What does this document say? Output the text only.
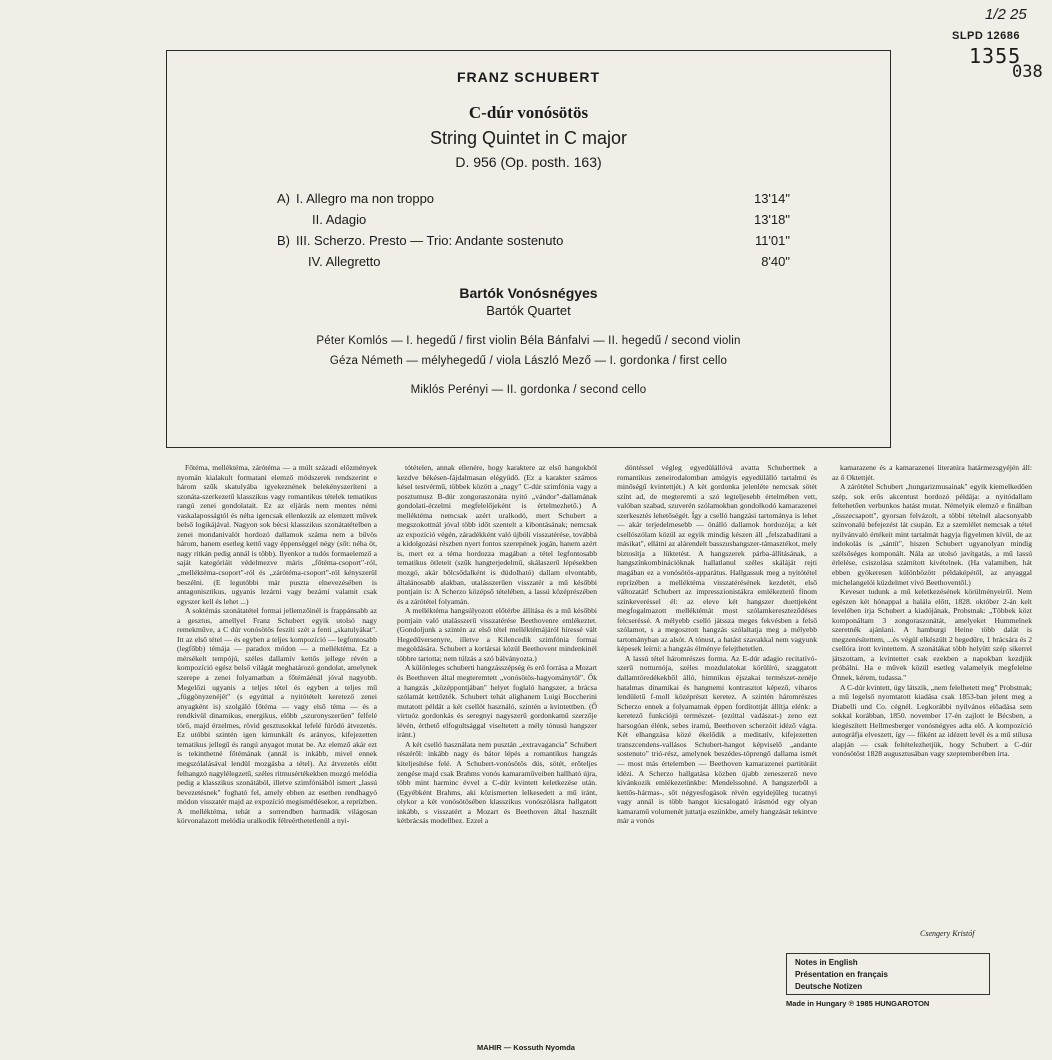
1/2 25
SLPD 12686
1355
038
FRANZ SCHUBERT
C-dúr vonósötös
String Quintet in C major
D. 956 (Op. posth. 163)
A) I. Allegro ma non troppo	13'14"
II. Adagio	13'18"
B) III. Scherzo. Presto — Trio: Andante sostenuto	11'01"
IV. Allegretto	8'40"
Bartók Vonósnégyes
Bartók Quartet
Péter Komlós — I. hegedű / first violin Béla Bánfalvi — II. hegedű / second violin
Géza Németh — mélyhegedű / viola László Mező — I. gordonka / first cello
Miklós Perényi — II. gordonka / second cello

Főtéma, melléktéma, zárótéma — a múlt századi előzmények nyomán kialakult formatani elemző módszerek rendszerint e három szűk skatulyába igyekeznének belekényszeríteni a szonáta-szerkezetű klasszikus vagy romantikus tételek tematikus rangú zenei gondolatait. Ez az eljárás nem mentes némi vaskalaposságtól és néha igencsak ellenkezik az elemzett művek belső logikájával. Nagyon sok bécsi klasszikus szonátatételben a zenei mondanivalót hordozó dallamok száma nem a bűvös három, hanem esetleg kettő vagy éppenséggel négy (sőt: néha öt, nagy ritkán pedig annál is több). Ilyenkor a tudós formaelemző a saját kategóriáit védelmezve máris „főtéma-csoport"-ról, „melléktéma-csoport"-ról és „zárótéma-csoport"-ról kényszerül beszélni. (E legutóbbi már puszta elnevezésében is antagonisztikus, ugyanis lezárni vagy bezárni valamit csak egyszer kell és lehet ...)

A soktémás szonátatétel formai jellemzőinél is frappánsabb az a gesztus, amellyel Franz Schubert egyik utolsó nagy remekműve, a C dúr vonósötös feszíti szét a fenti „skatulyákat". Itt az első tétel — és egyben a teljes kompozíció — legfontosabb (legfőbb) témája — paradox módon — a melléktéma. Ez a mérsékelt tempójú, széles dallamív kettős jellege révén a kompozíció egész belső világát meghatározó gondolat, amelynek szerepe a zenei folyamatban a főtémáénál jóval nagyobb. Megelőzi ugyanis a teljes tétel és egyben a teljes mű „függönyzenéjét" (s egyúttal a nyitótételt keretező zenei anyagként is) szolgáló főtéma — vagy első téma — és a rendkívül dinamikus, energikus, előbb „szuronyszerűen" felfelé törő, majd érzelmes, rövid gesztusokkal lefelé fúródó átvezetés. Ez utóbbi szintén igen kimunkált és arányos, kifejezetten tematikus jellegű és rangú anyagot mutat be. Az elemző akár ezt is tekinthetné főtémának (annál is inkább, mivel ennek megszólalásával lendül mozgásba a tétel). Az átvezetés előtt felhangzó nagylélegzetű, széles ritmusértékekben mozgó melódia pedig a klasszikus szonátából, illetve szimfóniából ismert „lassú bevezetésnek" fogható fel, amely ebben az esetben rendhagyó módon visszatér majd az expozíció megismétlésekor, a reprízben. A melléktéma, tehát a sorrendben harmadik világosan körvonalazott melódia uralkodik félreérthetetlenül a nyi-

tótételen, annak ellenére, hogy karaktere az első hangokból kezdve békésen-fájdalmasan elégyüdő. (Ez a karakter számos késel testvérmű, többek között a „nagy" C-dúr szimfónia vagy a posztumusz B-dúr zongoraszonáta nyitó „vándor"-dallamának gondolati-érzelmi megfelelőjeként is értelmezhető.) A melléktéma nemcsak azért uralkodó, mert Schubert a megszokottnál jóval több időt szentelt a kibontásának; nemcsak az expozíció végén, záradékként való újbóli visszatérése, továbbá a kidolgozási részben nyert fontos szerepének jogán, hanem azért is, mert ez a téma hordozza magában a tétel legfontosabb tematikus ötleteit (szűk hangterjedelmű, skálaszerű lépésekben mozgó, akár bölcsődalként is dúdolható) dallam elvontabb, általánosabb alakban, utalásszerűen visszatér a mű későbbi pontjain is: A Scherzo középső tételében, a lassú középrészében és a zárótétel folyamán.

A melléktéma hangsúlyozott előtérbe állítása és a mű későbbi pontjain való utalásszerű visszatérése Beethovenre emlékeztet. (Gondoljunk a szintén az első tétel melléktémájáról híressé vált Hegedűversenyre, illetve a Kilencedik szimfónia formai megoldására. Schubert a kortársai közül Beethovent mindenkinél többre tartotta; nem túlzás a szó bálványozta.)

A különleges schuberti hangzásszépség és erő forrása a Mozart és Beethoven által megteremtett „vonósötös-hagyománytól". Ők a hangzás „középpontjában" helyet foglaló hangszer, a brácsa szólamát kettőzték. Schubert tehát alighanem Luigi Boccherini mutatott példát a két csellót használó, szintén a kvintettben. (Ő virtuóz gordonkás és seregnyi nagyszerű gordonkamű szerzője lévén, érthető elfogultsággal viseltetett a mély tónusú hangszer iránt.)

A két cselló használata nem pusztán „extravagancia" Schubert részéről: inkább nagy és bátor lépés a romantikus hangzás kiteljesítése felé. A Schubert-vonósötös dús, sötét, erőteljes zengése majd csak Brahms vonós kamaraműveiben hallható újra, több mint harminc évvel a C-dúr kvintett keletkezése után. (Egyébként Brahms, aki közismerten lelkesedett a mű iránt, olykor a két vonósötösében klasszikus vonószólásra hallgatott inkább, s visszatért a Mozart és Beethoven által használt kétbrácsás modellhez. Ezzel a

döntéssel végleg egyedülállóvá avatta Schubertnek a romantikus zeneirodalomban amúgyis egyedülálló tartalmú és minőségű kvintettjét.) A két gordonka jelenléte nemcsak sötét színt ad, de megteremti a szó legteljesebb értelmében vett, valóban szabad, szuverén szólamokban gondolkodó kamarazenei szerkesztés lehetőségét. Így a cselló hangzási tartománya is lehet — akár terjedelmesebb — önálló dallamok hordozója; a két csellószólam közül az egyik mindig készen áll „felszabadítani a másikat", ellátni az alárendelt basszushangszer-támasztékot, mely biztosítja a lüktetést. A hangszerek párba-állításának, a hangszínkombinációknak hallatlanul széles skáláját rejti magában ez a vonósötös-apparátus. Hallgassuk meg a nyitótétel reprízében a melléktéma visszatérésének kezdetét, első változatát! Schubert az impresszionistákra emlékeztető finom színkeveréssel él: az eleve két hangszer duettjeként megfogalmazott melléktémát most szólamkereszteződéses felcseréssé. A mélyebb cselló játssza meges fekvésben a felső szólamot, s a megosztott hangzás szólaltatja meg a mélyebb tartományban az alsót. A tónust, a hatást szavakkal nem vagyunk képesek leírni: a hangzás élménye felejthetetlen.

A lassú tétel háromrészes forma. Az E-dúr adagio recitatívó-szerű notturnója, széles mozdulatokat körülíró, szaggatott dallamtöredékekből álló, himnikus éjszakai természet-zenéje hatalmas dinamikai és hangnemi kontrasztot képező, viharos lendületű f-moll középrészt keretez. A szintén háromrészes Scherzo ennek a folyamatnak éppen fordítottját állítja elénk: a keretező funkciójú természet- (ezúttal vadászat-) zeno ezt harsogóan élénk, sebes iramú, Beethoven scherzóit idéző vágta. Két elhangzása közé ékelődik a meditatív, kifejezetten transzcendens-vallásos Schubert-hangot képviselő „andante sostenuto" trió-rész, amelynek beszédes-töprengő dallama ismét — most más értelemben — Beethoven kamarazenei partitúráit idézi. A Scherzo hallgatása közben újabb zeneszerző neve kívánkozik emlékezetünkbe: Mendelssohné. A hangszerből a kettős-hármas-, sőt négyesfogások révén egyidejűleg tucatnyi vagy annál is több hangot kicsalogató írásmód egy olyan kamaramű volumenét juttatja eszünkbe, amely hangzását tekintve már a vonós

kamarazene és a kamarazenei literatúra határmezsgyéjén áll: az ő Oktettjét.

A zárótétel Schubert „hungarizmusainak" egyik kiemelkedően szép, sok erős akcentust hordozó példája: a nyitódallam feltehetően verbunkos hatást mutat. Némelyik elemző e finálban „összecsapott", gyorsan felvázolt, a többi tételnél alacsonyabb színvonalú befejezést lát csupán. Ez a szemlélet nemcsak a tétel nyilvánvaló értékeit mint tartalmát hagyja figyelmen kívül, de az indokolás is „sántít", hiszen Schubert ugyanolyan mindig szélsőséges komponált. Nála az utolsó javítgatás, a mű lassú érlelése, csiszolása számított kivételnek. (Ha valamiben, hát ebben gyökeresen különbözött példaképétől, az anyaggal michelangelói küzdelmet vívó Beethoventől.)

Keveset tudunk a mű keletkezésének körülményeiről. Nem egészen két hónappal a halála előtt, 1828. október 2-án kelt levelében írja Schubert a kiadójának, Probstnak: „Többek közt komponáltam 3 zongoraszonátát, amelyeket Hummelnek szeretnék ajánlani. A hamburgi Heine több dalát is megzenésítettem, ...és végül elkészült 2 hegedűre, 1 brácsára és 2 csellóra írott kvintettem. A szonátákat több helyütt szép sikerrel játszottam, a kvintettet csak ezekben a napokban kezdjük próbálni. Ha e művek közül esetleg valamelyik megfelelne Önnek, kérem, tudassa."

A C-dúr kvintett, úgy látszik, „nem felelhetett meg" Probstnak; a mű legelső nyomtatott kiadása csak 1853-ban jelent meg a Diabelli und Co. cégnél. Legkorábbi nyilvános előadása sem sokkal korábban, 1850. november 17-én zajlott le Bécsben, a kiegészített Hellmesberger vonósnégyes adta elő. A kompozíció autográfja elveszett, így — főként az idézett levél és a mű stílusa alapján — csak feltételezhetjük, hogy Schubert a C-dúr vonósötöst 1828 augusztusában vagy szeptemberében írta.

Csengery Kristóf
Notes in English
Présentation en français
Deutsche Notizen
Made in Hungary ℗ 1985 HUNGAROTON
MAHIR — Kossuth Nyomda
